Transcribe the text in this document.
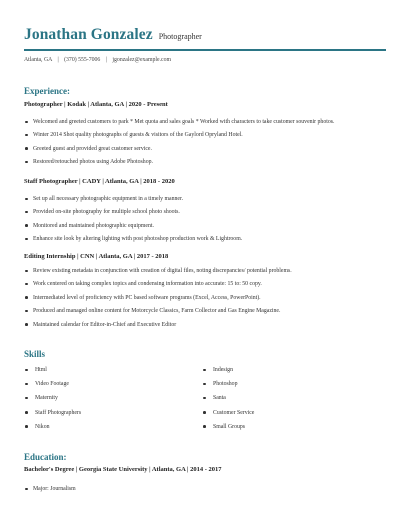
Jonathan Gonzalez Photographer
Atlanta, GA | (370) 555-7006 | jgonzalez@example.com
Experience:
Photographer | Kodak | Atlanta, GA | 2020 - Present
Welcomed and greeted customers to park * Met quota and sales goals * Worked with characters to take customer souvenir photos.
Winter 2014 Shot quality photographs of guests & visitors of the Gaylord Opryland Hotel.
Greeted guest and provided great customer service.
Restored/retouched photos using Adobe Photoshop.
Staff Photographer | CADY | Atlanta, GA | 2018 - 2020
Set up all necessary photographic equipment in a timely manner.
Provided on-site photography for multiple school photo shoots.
Monitored and maintained photographic equipment.
Enhance site look by altering lighting with post photoshop production work & Lightroom.
Editing Internship | CNN | Atlanta, GA | 2017 - 2018
Review existing metadata in conjunction with creation of digital files, noting discrepancies/ potential problems.
Work centered on taking complex topics and condensing information into accurate: 15 to: 50 copy.
Intermediated level of proficiency with PC based software programs (Excel, Access, PowerPoint).
Produced and managed online content for Motorcycle Classics, Farm Collector and Gas Engine Magazine.
Maintained calendar for Editor-in-Chief and Executive Editor
Skills
Html
Video Footage
Maternity
Staff Photographers
Nikon
Indesign
Photoshop
Santa
Customer Service
Small Groups
Education:
Bachelor's Degree | Georgia State University | Atlanta, GA | 2014 - 2017
Major: Journalism
